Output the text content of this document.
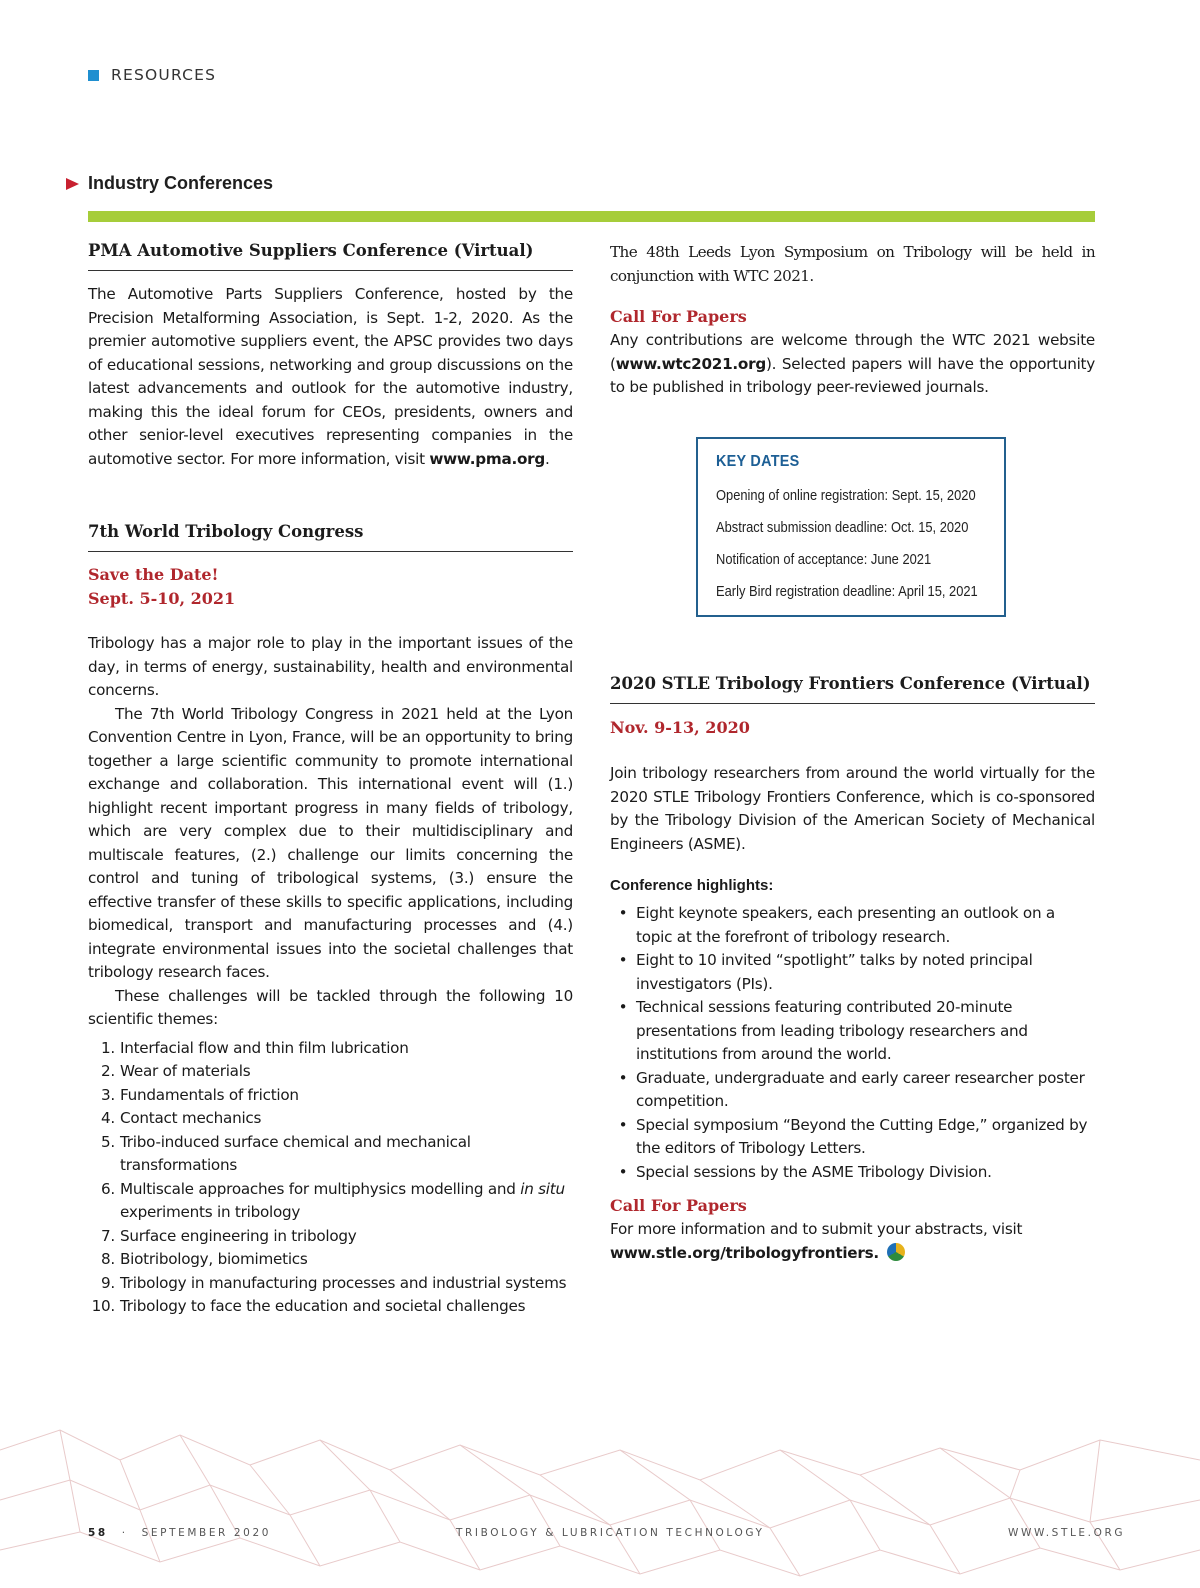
RESOURCES
Industry Conferences
PMA Automotive Suppliers Conference (Virtual)

The Automotive Parts Suppliers Conference, hosted by the Precision Metalforming Association, is Sept. 1-2, 2020. As the premier automotive suppliers event, the APSC provides two days of educational sessions, networking and group discussions on the latest advancements and outlook for the automotive industry, making this the ideal forum for CEOs, presidents, owners and other senior-level executives representing companies in the automotive sector. For more information, visit www.pma.org.

7th World Tribology Congress
Save the Date!
Sept. 5-10, 2021

Tribology has a major role to play in the important issues of the day, in terms of energy, sustainability, health and environmental concerns.

The 7th World Tribology Congress in 2021 held at the Lyon Convention Centre in Lyon, France, will be an opportunity to bring together a large scientific community to promote international exchange and collaboration. This international event will (1.) highlight recent important progress in many fields of tribology, which are very complex due to their multidisciplinary and multiscale features, (2.) challenge our limits concerning the control and tuning of tribological systems, (3.) ensure the effective transfer of these skills to specific applications, including biomedical, transport and manufacturing processes and (4.) integrate environmental issues into the societal challenges that tribology research faces.

These challenges will be tackled through the following 10 scientific themes:

1. Interfacial flow and thin film lubrication
2. Wear of materials
3. Fundamentals of friction
4. Contact mechanics
5. Tribo-induced surface chemical and mechanical transformations
6. Multiscale approaches for multiphysics modelling and in situ experiments in tribology
7. Surface engineering in tribology
8. Biotribology, biomimetics
9. Tribology in manufacturing processes and industrial systems
10. Tribology to face the education and societal challenges

The 48th Leeds Lyon Symposium on Tribology will be held in conjunction with WTC 2021.

Call For Papers

Any contributions are welcome through the WTC 2021 website (www.wtc2021.org). Selected papers will have the opportunity to be published in tribology peer-reviewed journals.

KEY DATES
Opening of online registration: Sept. 15, 2020
Abstract submission deadline: Oct. 15, 2020
Notification of acceptance: June 2021
Early Bird registration deadline: April 15, 2021
2020 STLE Tribology Frontiers Conference (Virtual)
Nov. 9-13, 2020

Join tribology researchers from around the world virtually for the 2020 STLE Tribology Frontiers Conference, which is co-sponsored by the Tribology Division of the American Society of Mechanical Engineers (ASME).

Conference highlights:
• Eight keynote speakers, each presenting an outlook on a topic at the forefront of tribology research.
• Eight to 10 invited “spotlight” talks by noted principal investigators (PIs).
• Technical sessions featuring contributed 20-minute presentations from leading tribology researchers and institutions from around the world.
• Graduate, undergraduate and early career researcher poster competition.
• Special symposium “Beyond the Cutting Edge,” organized by the editors of Tribology Letters.
• Special sessions by the ASME Tribology Division.
Call For Papers

For more information and to submit your abstracts, visit

www.stle.org/tribologyfrontiers.

58 · SEPTEMBER 2020	TRIBOLOGY & LUBRICATION TECHNOLOGY	WWW.STLE.ORG
